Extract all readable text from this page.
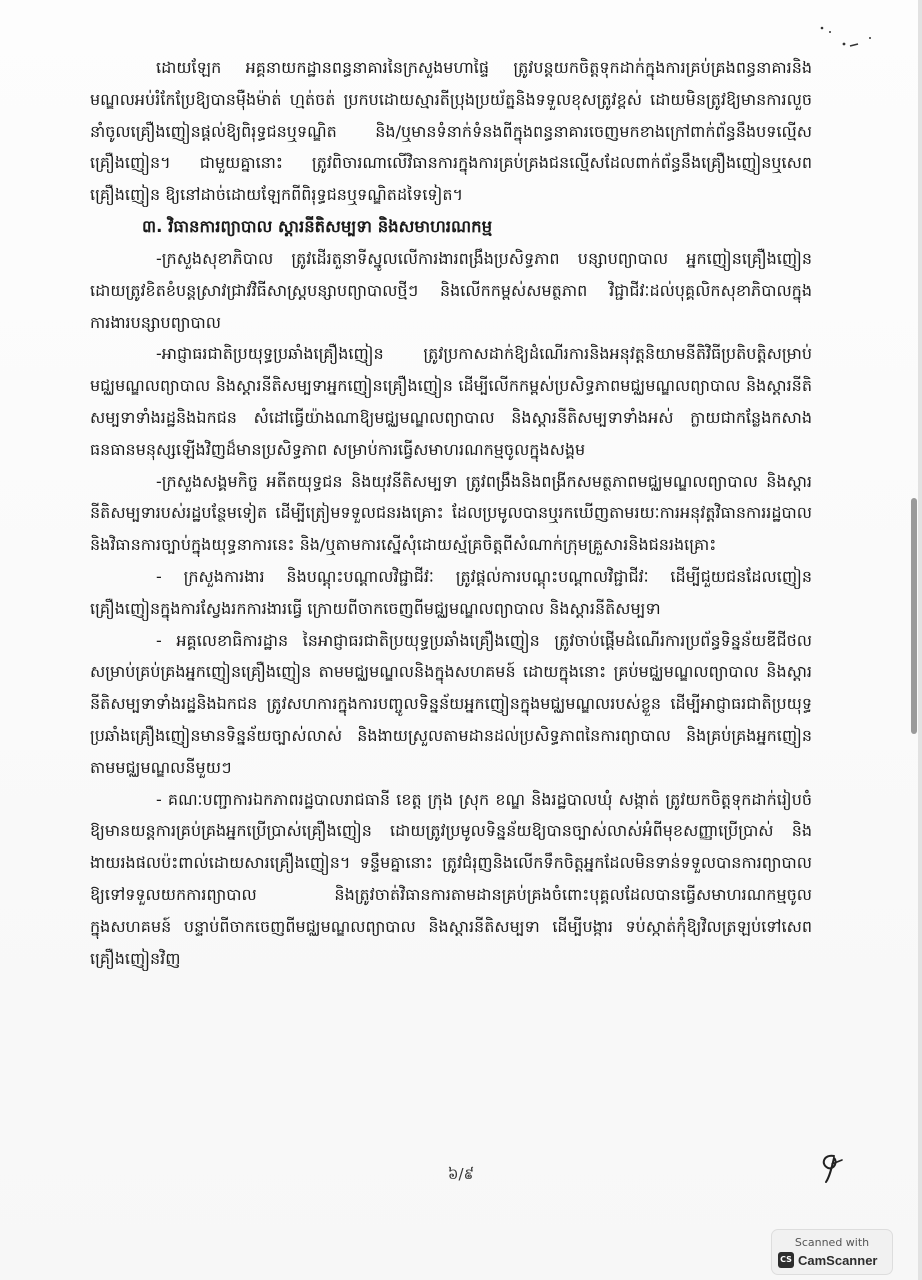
ដោយឡែក អគ្គនាយកដ្ឋានពន្ធនាគារនៃក្រសួងមហាផ្ទៃ ត្រូវបន្តយកចិត្តទុកដាក់ក្នុងការគ្រប់គ្រងពន្ធនាគារនិងមណ្ឌលអប់រំកែប្រែឱ្យបានម៉ឺងម៉ាត់ ហ្មត់ចត់ ប្រកបដោយស្មារតីប្រុងប្រយ័ត្ននិងទទួលខុសត្រូវខ្ពស់ ដោយមិនត្រូវឱ្យមានការលួចនាំចូលគ្រឿងញៀនផ្តល់ឱ្យពិរុទ្ធជនឬទណ្ឌិត និង/ឬមានទំនាក់ទំនងពីក្នុងពន្ធនាគារចេញមកខាងក្រៅពាក់ព័ន្ធនឹងបទល្មើសគ្រឿងញៀន។ ជាមួយគ្នានោះ ត្រូវពិចារណាលើវិធានការក្នុងការគ្រប់គ្រងជនល្មើសដែលពាក់ព័ន្ធនឹងគ្រឿងញៀនឬសេពគ្រឿងញៀន ឱ្យនៅដាច់ដោយឡែកពីពិរុទ្ធជនឬទណ្ឌិតដទៃទៀត។

៣. វិធានការព្យាបាល ស្តារនីតិសម្បទា និងសមាហរណកម្ម

-ក្រសួងសុខាភិបាល ត្រូវដើរតួនាទីស្នូលលើការងារពង្រឹងប្រសិទ្ធភាព បន្សាបព្យាបាល អ្នកញៀនគ្រឿងញៀន ដោយត្រូវខិតខំបន្តស្រាវជ្រាវវិធីសាស្ត្របន្សាបព្យាបាលថ្មីៗ និងលើកកម្ពស់សមត្ថភាព វិជ្ជាជីវៈដល់បុគ្គលិកសុខាភិបាលក្នុងការងារបន្សាបព្យាបាល

-អាជ្ញាធរជាតិប្រយុទ្ធប្រឆាំងគ្រឿងញៀន ត្រូវប្រកាសដាក់ឱ្យដំណើរការនិងអនុវត្តនិយាមនីតិវិធីប្រតិបត្តិសម្រាប់មជ្ឈមណ្ឌលព្យាបាល និងស្តារនីតិសម្បទាអ្នកញៀនគ្រឿងញៀន ដើម្បីលើកកម្ពស់ប្រសិទ្ធភាពមជ្ឈមណ្ឌលព្យាបាល និងស្តារនីតិសម្បទាទាំងរដ្ឋនិងឯកជន សំដៅធ្វើយ៉ាងណាឱ្យមជ្ឈមណ្ឌលព្យាបាល និងស្តារនីតិសម្បទាទាំងអស់ ក្លាយជាកន្លែងកសាងធនធានមនុស្សឡើងវិញដ៏មានប្រសិទ្ធភាព សម្រាប់ការធ្វើសមាហរណកម្មចូលក្នុងសង្គម

-ក្រសួងសង្គមកិច្ច អតីតយុទ្ធជន និងយុវនីតិសម្បទា ត្រូវពង្រឹងនិងពង្រីកសមត្ថភាពមជ្ឈមណ្ឌលព្យាបាល និងស្តារនីតិសម្បទារបស់រដ្ឋបន្ថែមទៀត ដើម្បីត្រៀមទទួលជនរងគ្រោះ ដែលប្រមូលបានឬរកឃើញតាមរយៈការអនុវត្តវិធានការរដ្ឋបាលនិងវិធានការច្បាប់ក្នុងយុទ្ធនាការនេះ និង/ឬតាមការស្នើសុំដោយស្ម័គ្រចិត្តពីសំណាក់ក្រុមគ្រួសារនិងជនរងគ្រោះ

- ក្រសួងការងារ និងបណ្តុះបណ្តាលវិជ្ជាជីវៈ ត្រូវផ្តល់ការបណ្តុះបណ្តាលវិជ្ជាជីវៈ ដើម្បីជួយជនដែលញៀនគ្រឿងញៀនក្នុងការស្វែងរកការងារធ្វើ ក្រោយពីចាកចេញពីមជ្ឈមណ្ឌលព្យាបាល និងស្តារនីតិសម្បទា

- អគ្គលេខាធិការដ្ឋាន នៃអាជ្ញាធរជាតិប្រយុទ្ធប្រឆាំងគ្រឿងញៀន ត្រូវចាប់ផ្តើមដំណើរការប្រព័ន្ធទិន្នន័យឌីជីថលសម្រាប់គ្រប់គ្រងអ្នកញៀនគ្រឿងញៀន តាមមជ្ឈមណ្ឌលនិងក្នុងសហគមន៍ ដោយក្នុងនោះ គ្រប់មជ្ឈមណ្ឌលព្យាបាល និងស្តារនីតិសម្បទាទាំងរដ្ឋនិងឯកជន ត្រូវសហការក្នុងការបញ្ចូលទិន្នន័យអ្នកញៀនក្នុងមជ្ឈមណ្ឌលរបស់ខ្លួន ដើម្បីអាជ្ញាធរជាតិប្រយុទ្ធប្រឆាំងគ្រឿងញៀនមានទិន្នន័យច្បាស់លាស់ និងងាយស្រួលតាមដានដល់ប្រសិទ្ធភាពនៃការព្យាបាល និងគ្រប់គ្រងអ្នកញៀនតាមមជ្ឈមណ្ឌលនីមួយៗ

- គណៈបញ្ជាការឯកភាពរដ្ឋបាលរាជធានី ខេត្ត ក្រុង ស្រុក ខណ្ឌ និងរដ្ឋបាលឃុំ សង្កាត់ ត្រូវយកចិត្តទុកដាក់រៀបចំឱ្យមានយន្តការគ្រប់គ្រងអ្នកប្រើប្រាស់គ្រឿងញៀន ដោយត្រូវប្រមូលទិន្នន័យឱ្យបានច្បាស់លាស់អំពីមុខសញ្ញាប្រើប្រាស់ និងងាយរងផលប៉ះពាល់ដោយសារគ្រឿងញៀន។ ទន្ទឹមគ្នានោះ ត្រូវជំរុញនិងលើកទឹកចិត្តអ្នកដែលមិនទាន់ទទួលបានការព្យាបាល ឱ្យទៅទទួលយកការព្យាបាល និងត្រូវចាត់វិធានការតាមដានគ្រប់គ្រងចំពោះបុគ្គលដែលបានធ្វើសមាហរណកម្មចូលក្នុងសហគមន៍ បន្ទាប់ពីចាកចេញពីមជ្ឈមណ្ឌលព្យាបាល និងស្តារនីតិសម្បទា ដើម្បីបង្ការ ទប់ស្កាត់កុំឱ្យវិលត្រឡប់ទៅសេពគ្រឿងញៀនវិញ

៦/៩
Scanned with
CS CamScanner
